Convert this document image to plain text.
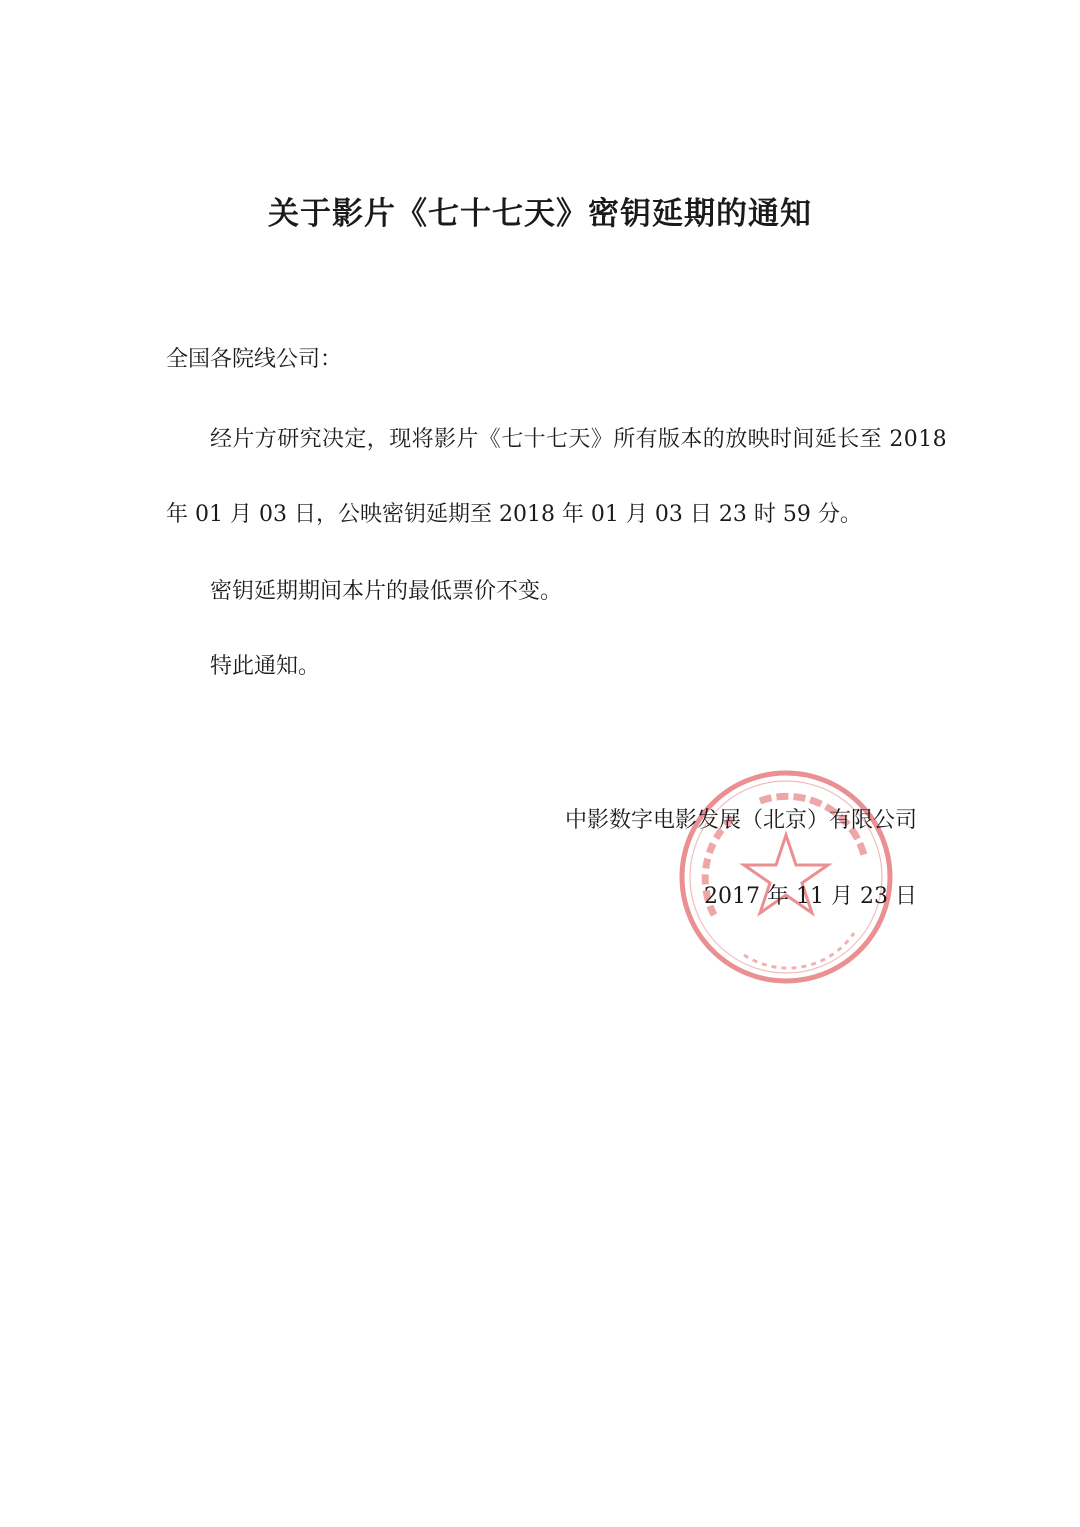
关于影片《七十七天》密钥延期的通知
全国各院线公司：
经片方研究决定，现将影片《七十七天》所有版本的放映时间延长至 2018
年 01 月 03 日，公映密钥延期至 2018 年 01 月 03 日 23 时 59 分。
密钥延期期间本片的最低票价不变。
特此通知。
中影数字电影发展（北京）有限公司
2017 年 11 月 23 日
